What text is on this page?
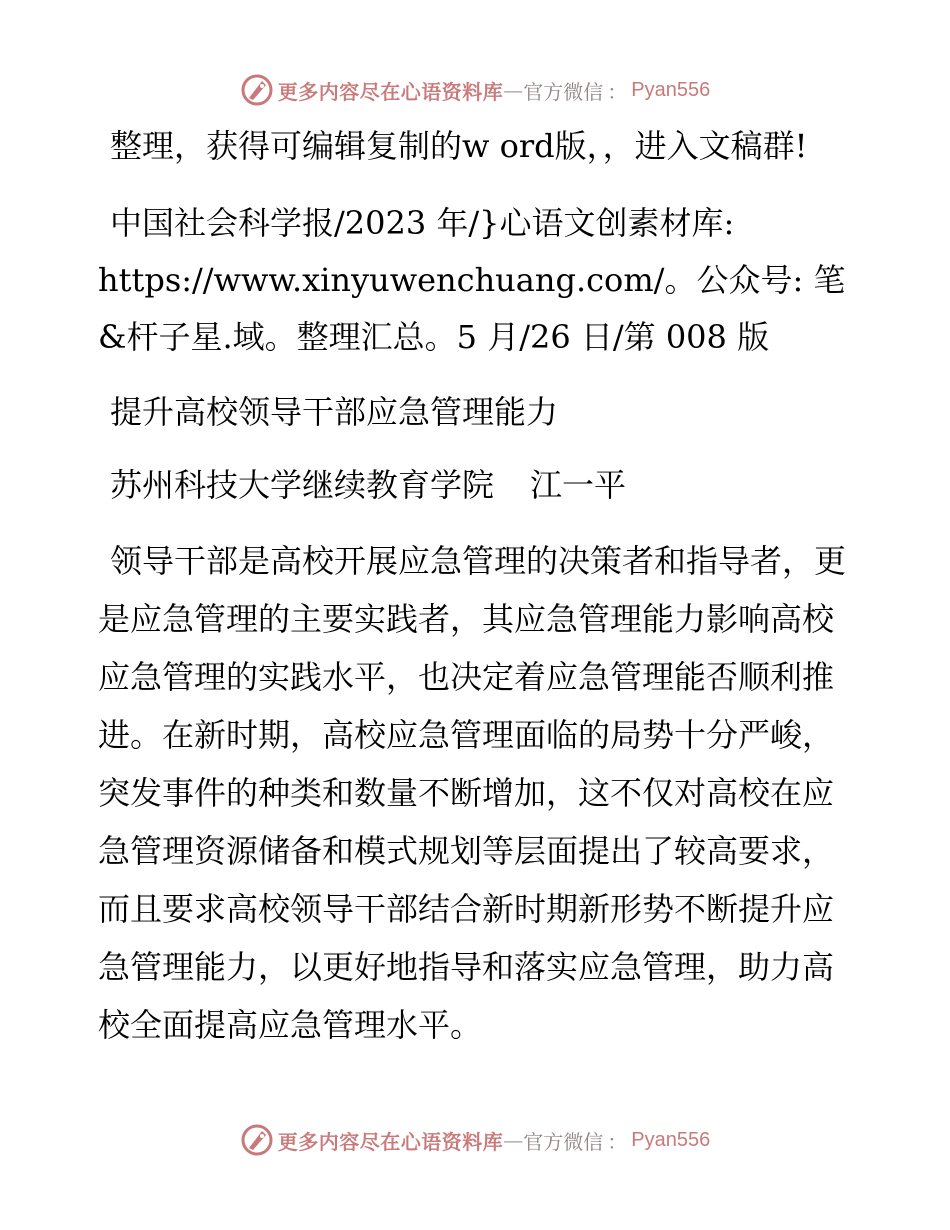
更多内容尽在心语资料库 — 官方微信 ： Pyan556

整理，获得可编辑复制的w ord版，，进入文稿群!

中国社会科学报/2023 年/}心语文创素材库: https://www.xinyuwenchuang.com/。公众号: 笔&杆子星.域。整理汇总。5 月/26 日/第 008 版

提升高校领导干部应急管理能力

苏州科技大学继续教育学院 江一平

领导干部是高校开展应急管理的决策者和指导者，更是应急管理的主要实践者，其应急管理能力影响高校应急管理的实践水平，也决定着应急管理能否顺利推进。在新时期，高校应急管理面临的局势十分严峻，突发事件的种类和数量不断增加，这不仅对高校在应急管理资源储备和模式规划等层面提出了较高要求，而且要求高校领导干部结合新时期新形势不断提升应急管理能力，以更好地指导和落实应急管理，助力高校全面提高应急管理水平。

更多内容尽在心语资料库 — 官方微信 ： Pyan556
